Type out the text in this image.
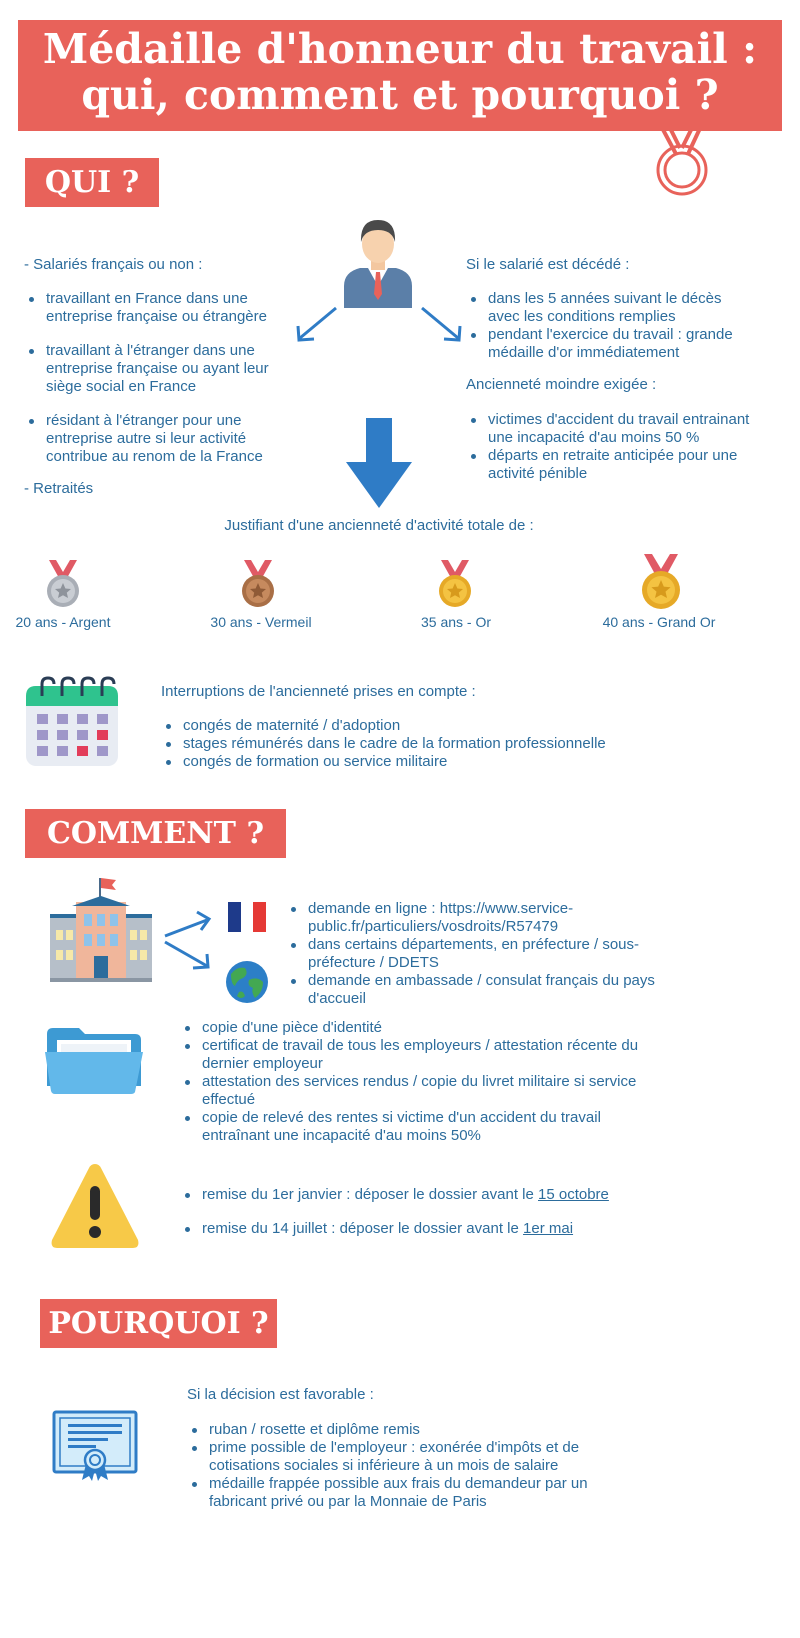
Médaille d'honneur du travail :
qui, comment et pourquoi ?
QUI ?
- Salariés français ou non :
travaillant en France dans une entreprise française ou étrangère
travaillant à l'étranger dans une entreprise française ou ayant leur siège social en France
résidant à l'étranger pour une entreprise autre si leur activité contribue au renom de la France
- Retraités
Si le salarié est décédé :
dans les 5 années suivant le décès avec les conditions remplies
pendant l'exercice du travail : grande médaille d'or immédiatement
Ancienneté moindre exigée :
victimes d'accident du travail entrainant une incapacité d'au moins 50 %
départs en retraite anticipée pour une activité pénible
Justifiant d'une ancienneté d'activité totale de :
20 ans - Argent	30 ans - Vermeil	35 ans - Or	40 ans - Grand Or
Interruptions de l'ancienneté prises en compte :
congés de maternité / d'adoption
stages rémunérés dans le cadre de la formation professionnelle
congés de formation ou service militaire
COMMENT ?
demande en ligne : https://www.service-public.fr/particuliers/vosdroits/R57479
dans certains départements, en préfecture / sous-préfecture / DDETS
demande en ambassade / consulat français du pays d'accueil
copie d'une pièce d'identité
certificat de travail de tous les employeurs / attestation récente du dernier employeur
attestation des services rendus / copie du livret militaire si service effectué
copie de relevé des rentes si victime d'un accident du travail entraînant une incapacité d'au moins 50%
remise du 1er janvier : déposer le dossier avant le 15 octobre
remise du 14 juillet : déposer le dossier avant le 1er mai
POURQUOI ?
Si la décision est favorable :
ruban / rosette et diplôme remis
prime possible de l'employeur : exonérée d'impôts et de cotisations sociales si inférieure à un mois de salaire
médaille frappée possible aux frais du demandeur par un fabricant privé ou par la Monnaie de Paris
